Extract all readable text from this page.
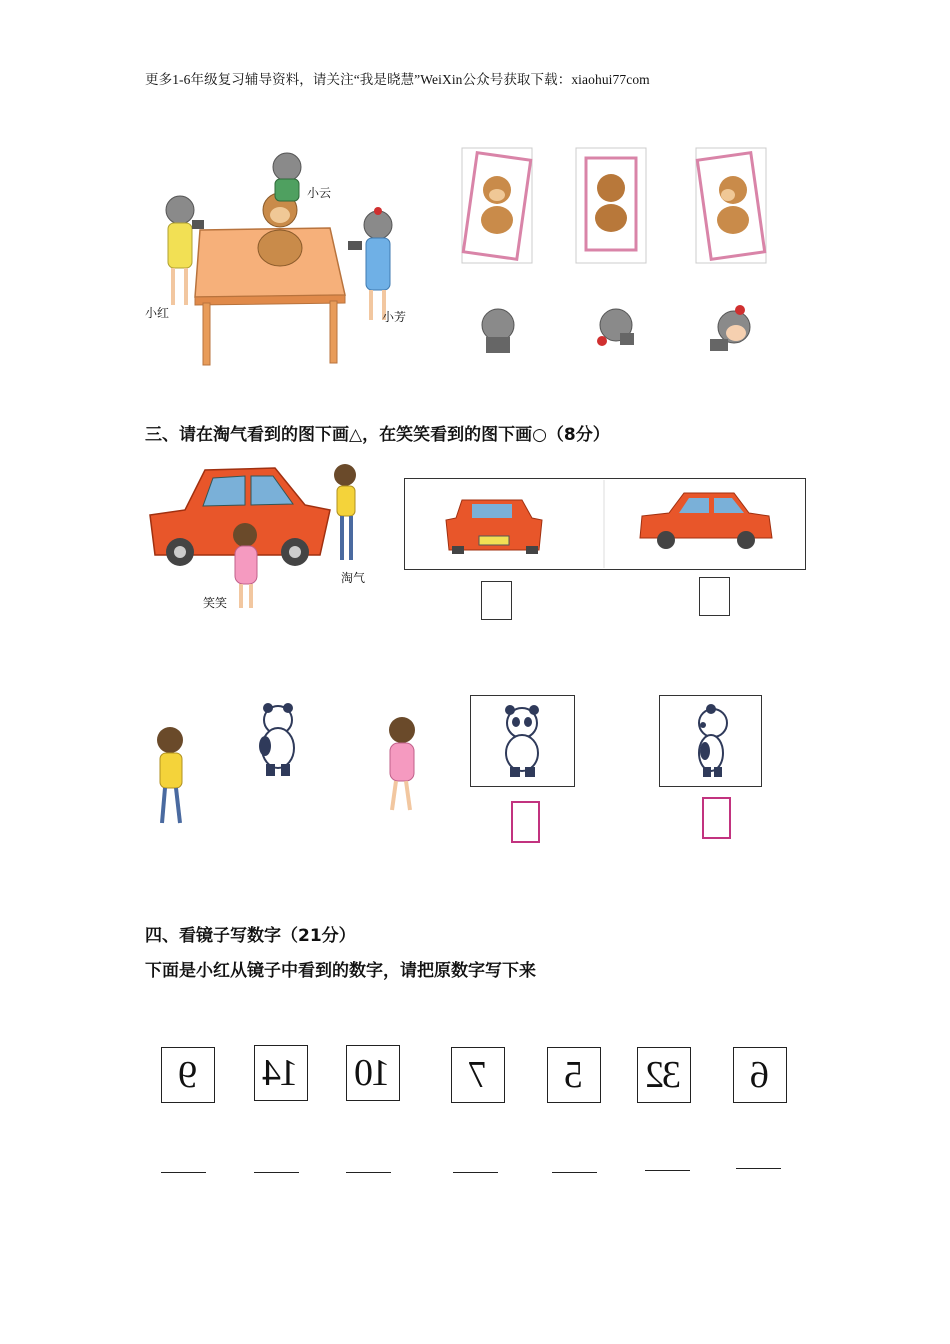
更多1-6年级复习辅导资料，请关注“我是晓慧”WeiXin公众号获取下载：xiaohui77com
小云
小红	小芳
三、请在淘气看到的图下画△，在笑笑看到的图下画○（8分）
笑笑
淘气
四、看镜子写数字（21分）
下面是小红从镜子中看到的数字，请把原数字写下来
9 14 10 7 5 32 6
